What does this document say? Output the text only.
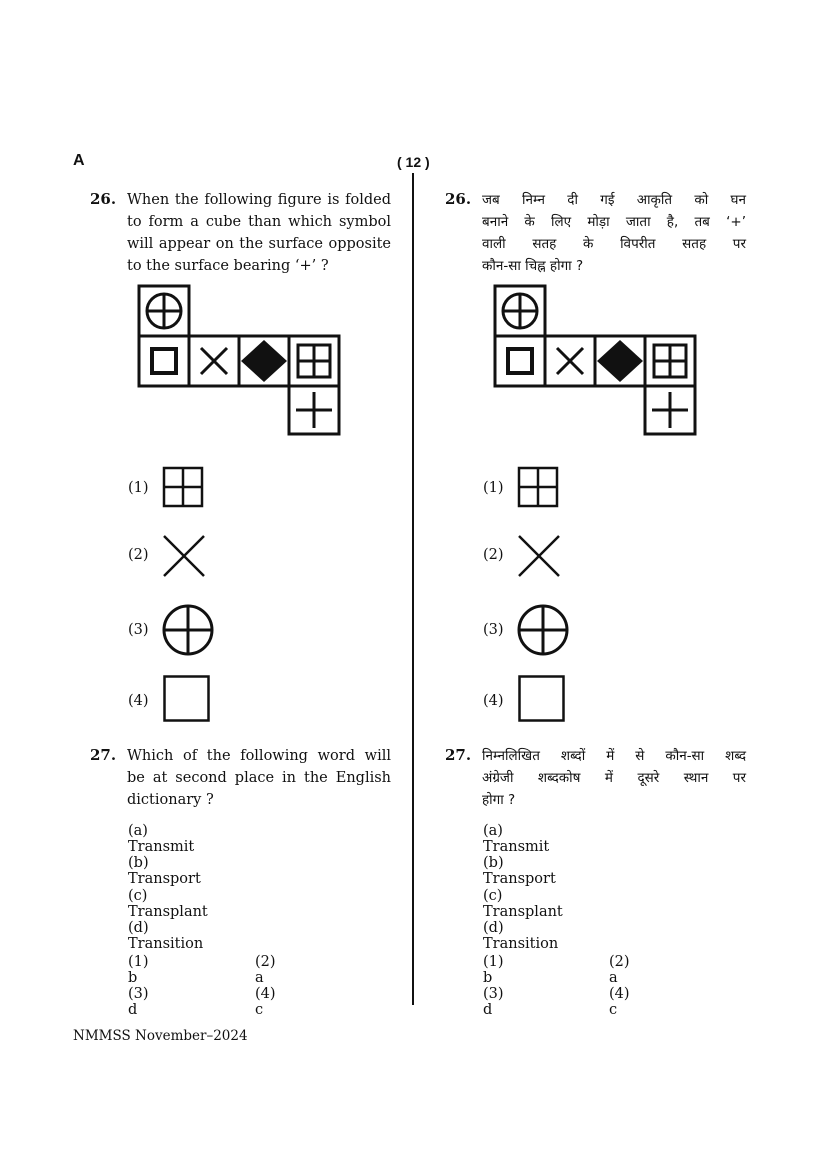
A	( 12 )
26. When the following figure is folded
to form a cube than which symbol
will appear on the surface opposite
to the surface bearing ‘+’ ?
(1)
(2)
(3)
(4)
27. Which of the following word will
be at second place in the English
dictionary ?
(a)  Transmit
(b)  Transport
(c)  Transplant
(d)  Transition
(1)  b
(2)  a
(3)  d
(4)  c
26. जब निम्न दी गई आकृति को घन
बनाने के लिए मोड़ा जाता है, तब ‘+’
वाली सतह के विपरीत सतह पर
कौन-सा चिह्न होगा ?
(1)
(2)
(3)
(4)
27. निम्नलिखित शब्दों में से कौन-सा शब्द
अंग्रेजी शब्दकोष में दूसरे स्थान पर
होगा ?
(a)  Transmit
(b)  Transport
(c)  Transplant
(d)  Transition
(1)  b
(2)  a
(3)  d
(4)  c
NMMSS November–2024
